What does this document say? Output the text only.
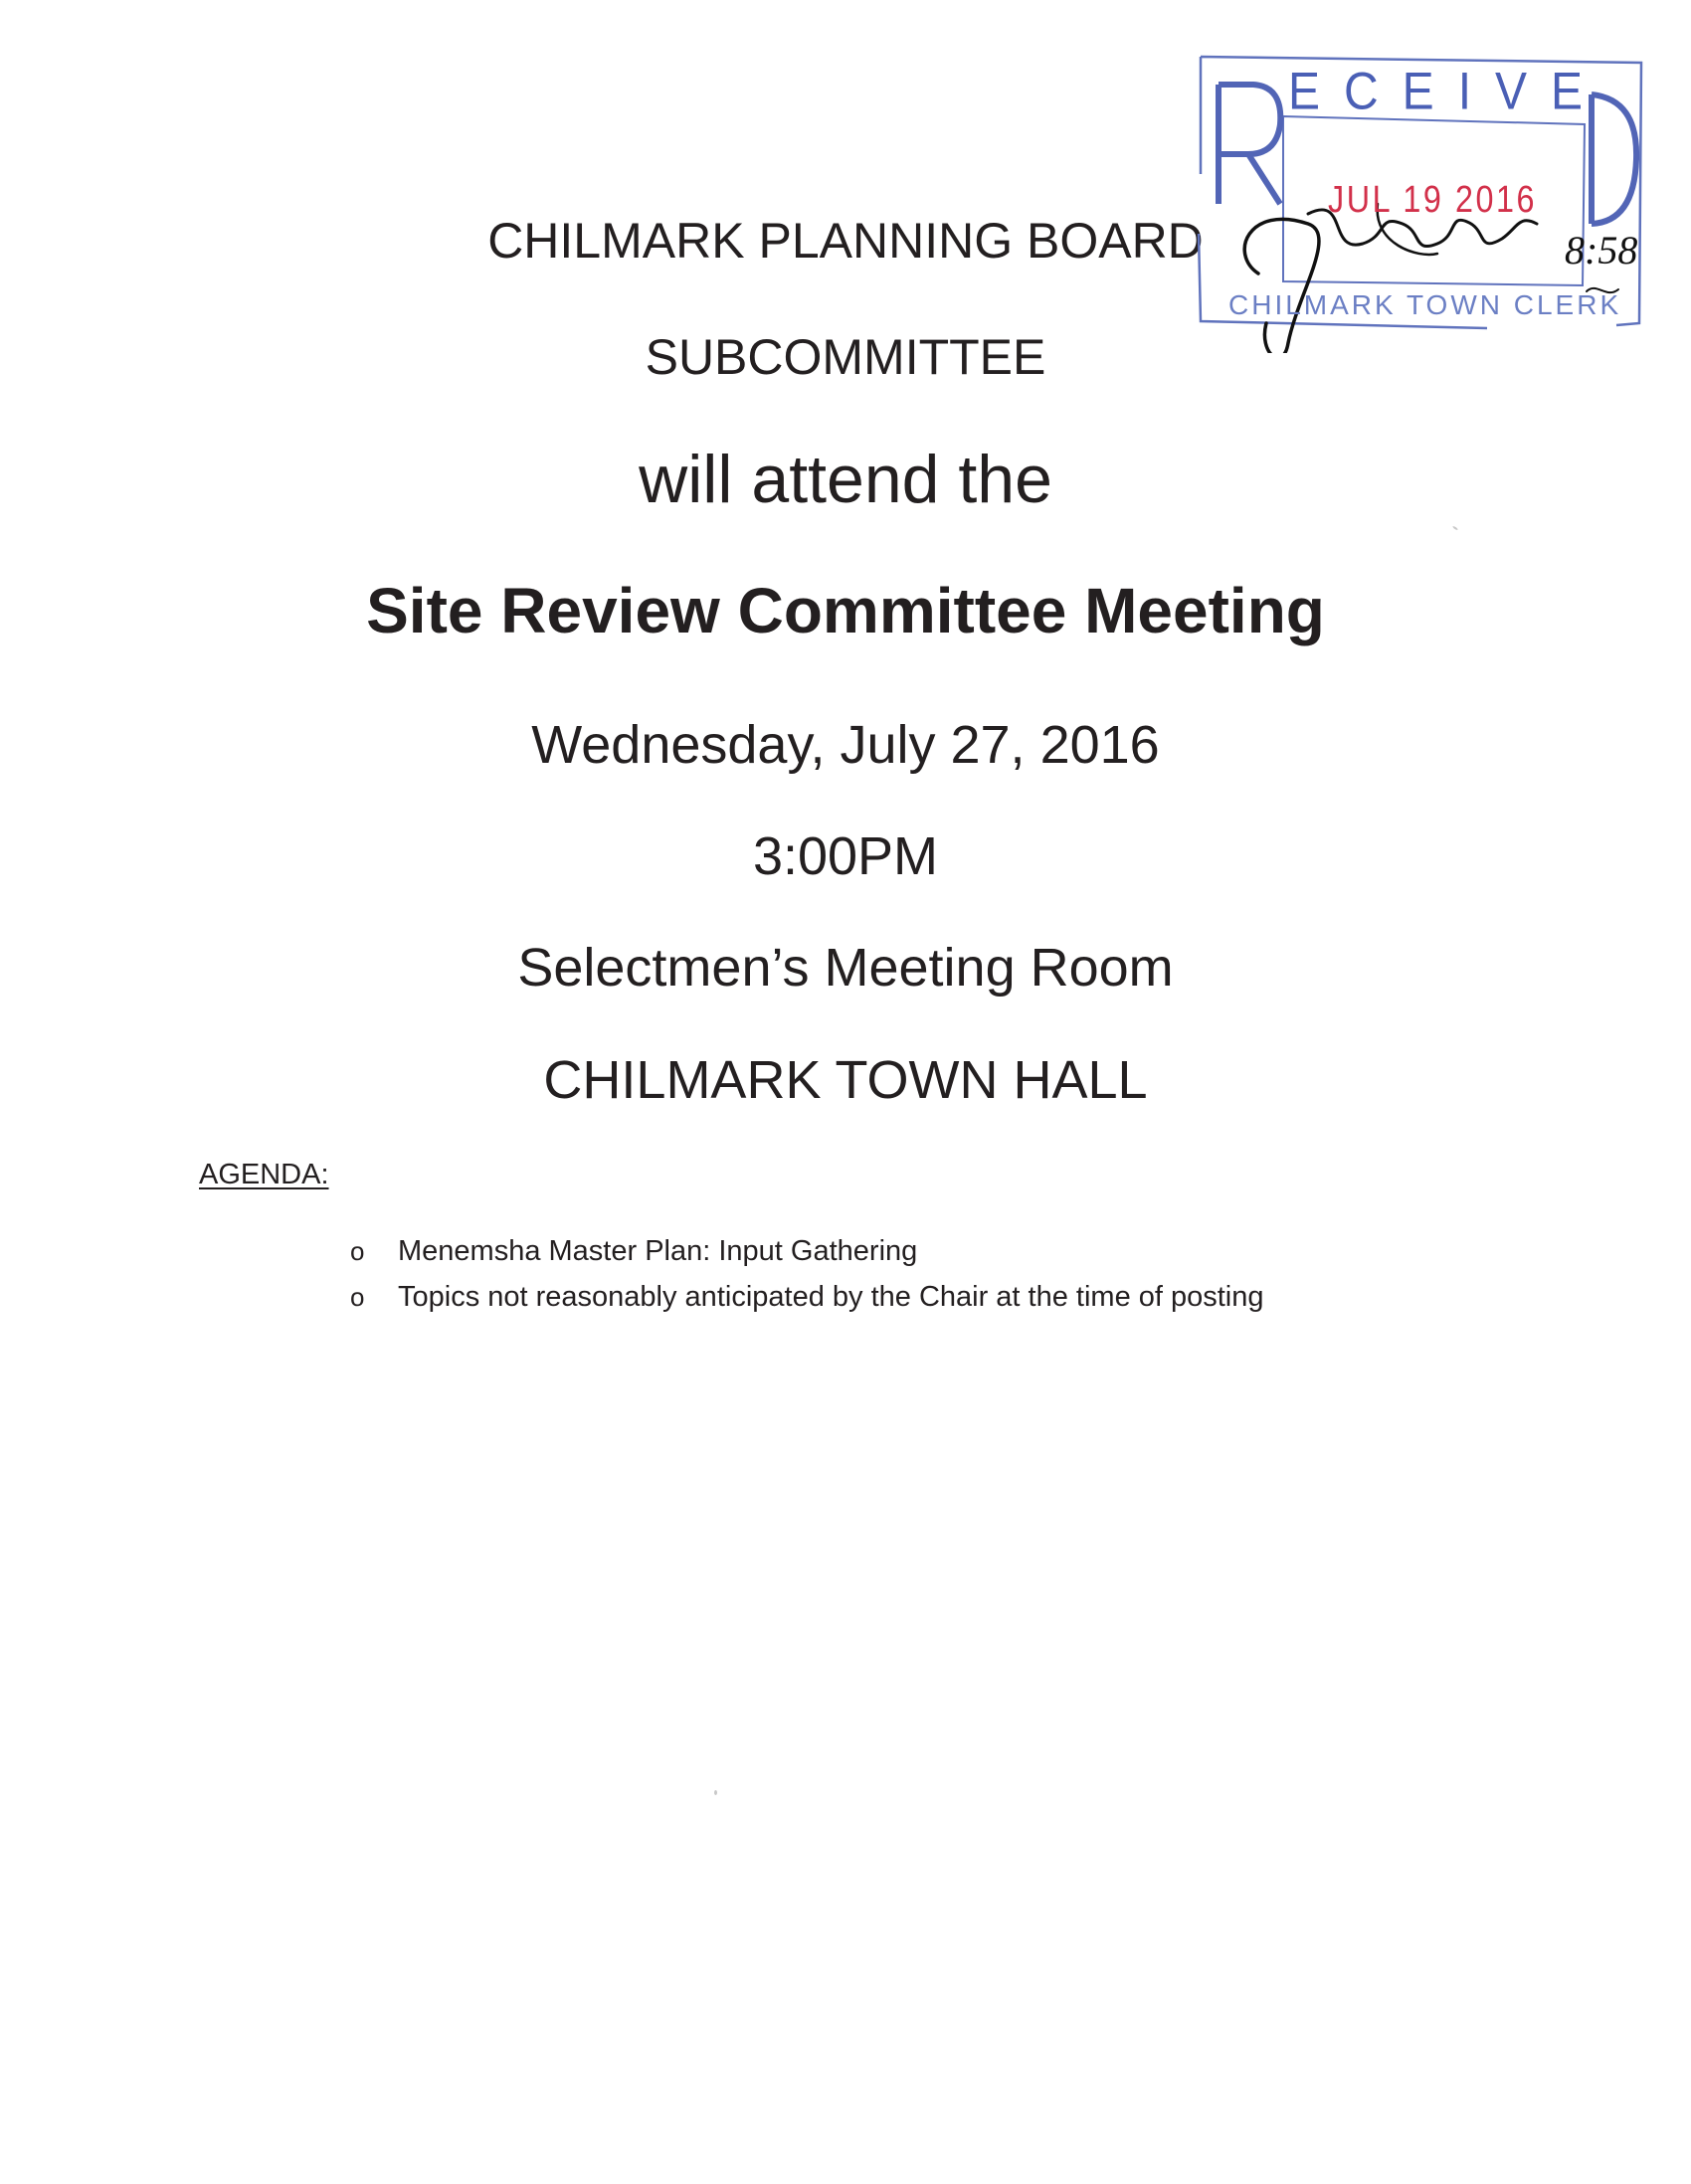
CHILMARK PLANNING BOARD
SUBCOMMITTEE
will attend the
Site Review Committee Meeting
Wednesday, July 27, 2016
3:00PM
Selectmen’s Meeting Room
CHILMARK TOWN HALL
AGENDA:
o Menemsha Master Plan: Input Gathering
o Topics not reasonably anticipated by the Chair at the time of posting
8:58
ECEIVE
JUL 19 2016
CHILMARK TOWN CLERK
